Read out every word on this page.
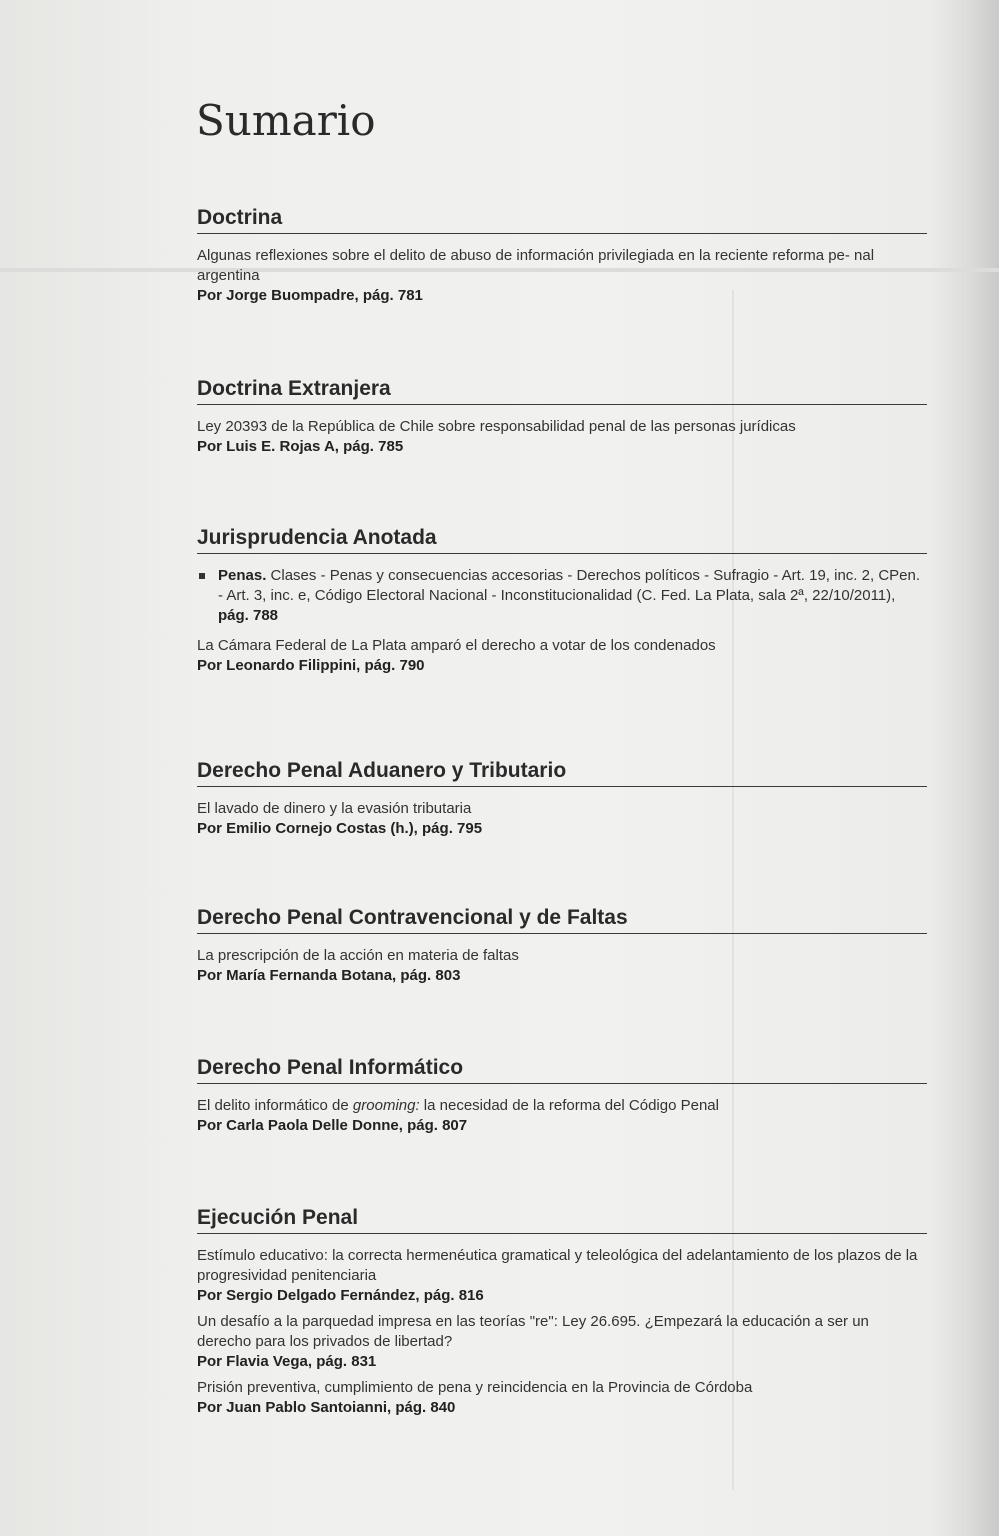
Sumario
Doctrina
Algunas reflexiones sobre el delito de abuso de información privilegiada en la reciente reforma pe- nal argentina
Por Jorge Buompadre, pág. 781
Doctrina Extranjera
Ley 20393 de la República de Chile sobre responsabilidad penal de las personas jurídicas
Por Luis E. Rojas A, pág. 785
Jurisprudencia Anotada
Penas. Clases - Penas y consecuencias accesorias - Derechos políticos - Sufragio - Art. 19, inc. 2, CPen. - Art. 3, inc. e, Código Electoral Nacional - Inconstitucionalidad (C. Fed. La Plata, sala 2ª, 22/10/2011), pág. 788
La Cámara Federal de La Plata amparó el derecho a votar de los condenados
Por Leonardo Filippini, pág. 790
Derecho Penal Aduanero y Tributario
El lavado de dinero y la evasión tributaria
Por Emilio Cornejo Costas (h.), pág. 795
Derecho Penal Contravencional y de Faltas
La prescripción de la acción en materia de faltas
Por María Fernanda Botana, pág. 803
Derecho Penal Informático
El delito informático de grooming: la necesidad de la reforma del Código Penal
Por Carla Paola Delle Donne, pág. 807
Ejecución Penal
Estímulo educativo: la correcta hermenéutica gramatical y teleológica del adelantamiento de los plazos de la progresividad penitenciaria
Por Sergio Delgado Fernández, pág. 816
Un desafío a la parquedad impresa en las teorías "re": Ley 26.695. ¿Empezará la educación a ser un derecho para los privados de libertad?
Por Flavia Vega, pág. 831
Prisión preventiva, cumplimiento de pena y reincidencia en la Provincia de Córdoba
Por Juan Pablo Santoianni, pág. 840
